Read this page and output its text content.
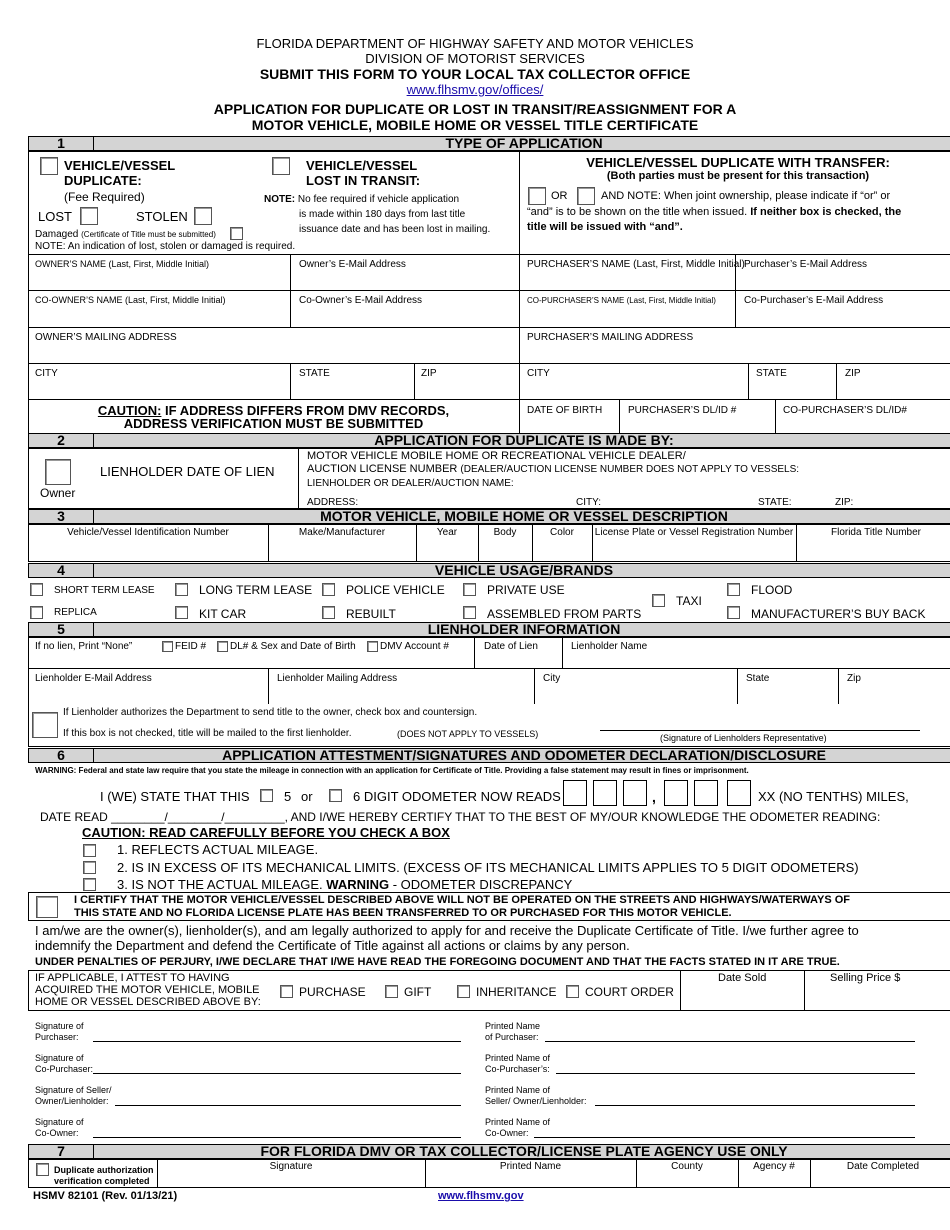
FLORIDA DEPARTMENT OF HIGHWAY SAFETY AND MOTOR VEHICLES
DIVISION OF MOTORIST SERVICES
SUBMIT THIS FORM TO YOUR LOCAL TAX COLLECTOR OFFICE
www.flhsmv.gov/offices/
APPLICATION FOR DUPLICATE OR LOST IN TRANSIT/REASSIGNMENT FOR A
MOTOR VEHICLE, MOBILE HOME OR VESSEL TITLE CERTIFICATE
1	TYPE OF APPLICATION
VEHICLE/VESSEL
DUPLICATE:
(Fee Required)
LOST	STOLEN
Damaged (Certificate of Title must be submitted)
NOTE: An indication of lost, stolen or damaged is required.
VEHICLE/VESSEL
LOST IN TRANSIT:
NOTE: No fee required if vehicle application
is made within 180 days from last title
issuance date and has been lost in mailing.
VEHICLE/VESSEL DUPLICATE WITH TRANSFER:
(Both parties must be present for this transaction)
OR	AND NOTE: When joint ownership, please indicate if “or” or
“and” is to be shown on the title when issued. If neither box is checked, the
title will be issued with “and”.
OWNER’S NAME (Last, First, Middle Initial)	Owner’s E-Mail Address	PURCHASER’S NAME (Last, First, Middle Initial) Purchaser’s E-Mail Address
CO-OWNER’S NAME (Last, First, Middle Initial)	Co-Owner’s E-Mail Address	CO-PURCHASER’S NAME (Last, First, Middle Initial)	Co-Purchaser’s E-Mail Address
OWNER’S MAILING ADDRESS	PURCHASER’S MAILING ADDRESS
CITY	STATE	ZIP	CITY	STATE	ZIP
CAUTION: IF ADDRESS DIFFERS FROM DMV RECORDS,
ADDRESS VERIFICATION MUST BE SUBMITTED
DATE OF BIRTH	PURCHASER’S DL/ID #	CO-PURCHASER’S DL/ID#
2	APPLICATION FOR DUPLICATE IS MADE BY:
Owner
LIENHOLDER DATE OF LIEN
MOTOR VEHICLE MOBILE HOME OR RECREATIONAL VEHICLE DEALER/
AUCTION LICENSE NUMBER (DEALER/AUCTION LICENSE NUMBER DOES NOT APPLY TO VESSELS:
LIENHOLDER OR DEALER/AUCTION NAME:
ADDRESS:	CITY:	STATE:	ZIP:
3	MOTOR VEHICLE, MOBILE HOME OR VESSEL DESCRIPTION
Vehicle/Vessel Identification Number	Make/Manufacturer	Year	Body	Color	License Plate or Vessel Registration Number	Florida Title Number
4	VEHICLE USAGE/BRANDS
SHORT TERM LEASE	LONG TERM LEASE	POLICE VEHICLE	PRIVATE USE	FLOOD
REPLICA	KIT CAR	REBUILT	ASSEMBLED FROM PARTS
TAXI
MANUFACTURER’S BUY BACK
5	LIENHOLDER INFORMATION
If no lien, Print “None”	FEID # DL# & Sex and Date of Birth DMV Account #	Date of Lien	Lienholder Name
Lienholder E-Mail Address	Lienholder Mailing Address	City	State	Zip
If Lienholder authorizes the Department to send title to the owner, check box and countersign.
If this box is not checked, title will be mailed to the first lienholder.	(DOES NOT APPLY TO VESSELS)	(Signature of Lienholders Representative)
6	APPLICATION ATTESTMENT/SIGNATURES AND ODOMETER DECLARATION/DISCLOSURE
WARNING: Federal and state law require that you state the mileage in connection with an application for Certificate of Title. Providing a false statement may result in fines or imprisonment.
I (WE) STATE THAT THIS	5 or	6 DIGIT ODOMETER NOW READS	,	XX (NO TENTHS) MILES,
DATE READ ________/________/_________, AND I/WE HEREBY CERTIFY THAT TO THE BEST OF MY/OUR KNOWLEDGE THE ODOMETER READING:
CAUTION: READ CAREFULLY BEFORE YOU CHECK A BOX
1. REFLECTS ACTUAL MILEAGE.
2. IS IN EXCESS OF ITS MECHANICAL LIMITS. (EXCESS OF ITS MECHANICAL LIMITS APPLIES TO 5 DIGIT ODOMETERS)
3. IS NOT THE ACTUAL MILEAGE. WARNING - ODOMETER DISCREPANCY
I CERTIFY THAT THE MOTOR VEHICLE/VESSEL DESCRIBED ABOVE WILL NOT BE OPERATED ON THE STREETS AND HIGHWAYS/WATERWAYS OF
THIS STATE AND NO FLORIDA LICENSE PLATE HAS BEEN TRANSFERRED TO OR PURCHASED FOR THIS MOTOR VEHICLE.
I am/we are the owner(s), lienholder(s), and am legally authorized to apply for and receive the Duplicate Certificate of Title. I/we further agree to
indemnify the Department and defend the Certificate of Title against all actions or claims by any person.
UNDER PENALTIES OF PERJURY, I/WE DECLARE THAT I/WE HAVE READ THE FOREGOING DOCUMENT AND THAT THE FACTS STATED IN IT ARE TRUE.
IF APPLICABLE, I ATTEST TO HAVING
ACQUIRED THE MOTOR VEHICLE, MOBILE
HOME OR VESSEL DESCRIBED ABOVE BY:
PURCHASE	GIFT	INHERITANCE COURT ORDER
Date Sold	Selling Price $
Signature of
Purchaser:
Printed Name
of Purchaser:
Signature of
Co-Purchaser:
Printed Name of
Co-Purchaser’s:
Signature of Seller/
Owner/Lienholder:
Printed Name of
Seller/ Owner/Lienholder:
Signature of
Co-Owner:
Printed Name of
Co-Owner:
7	FOR FLORIDA DMV OR TAX COLLECTOR/LICENSE PLATE AGENCY USE ONLY
Duplicate authorization
verification completed
Signature	Printed Name	County	Agency #	Date Completed
HSMV 82101 (Rev. 01/13/21)	www.flhsmv.gov
